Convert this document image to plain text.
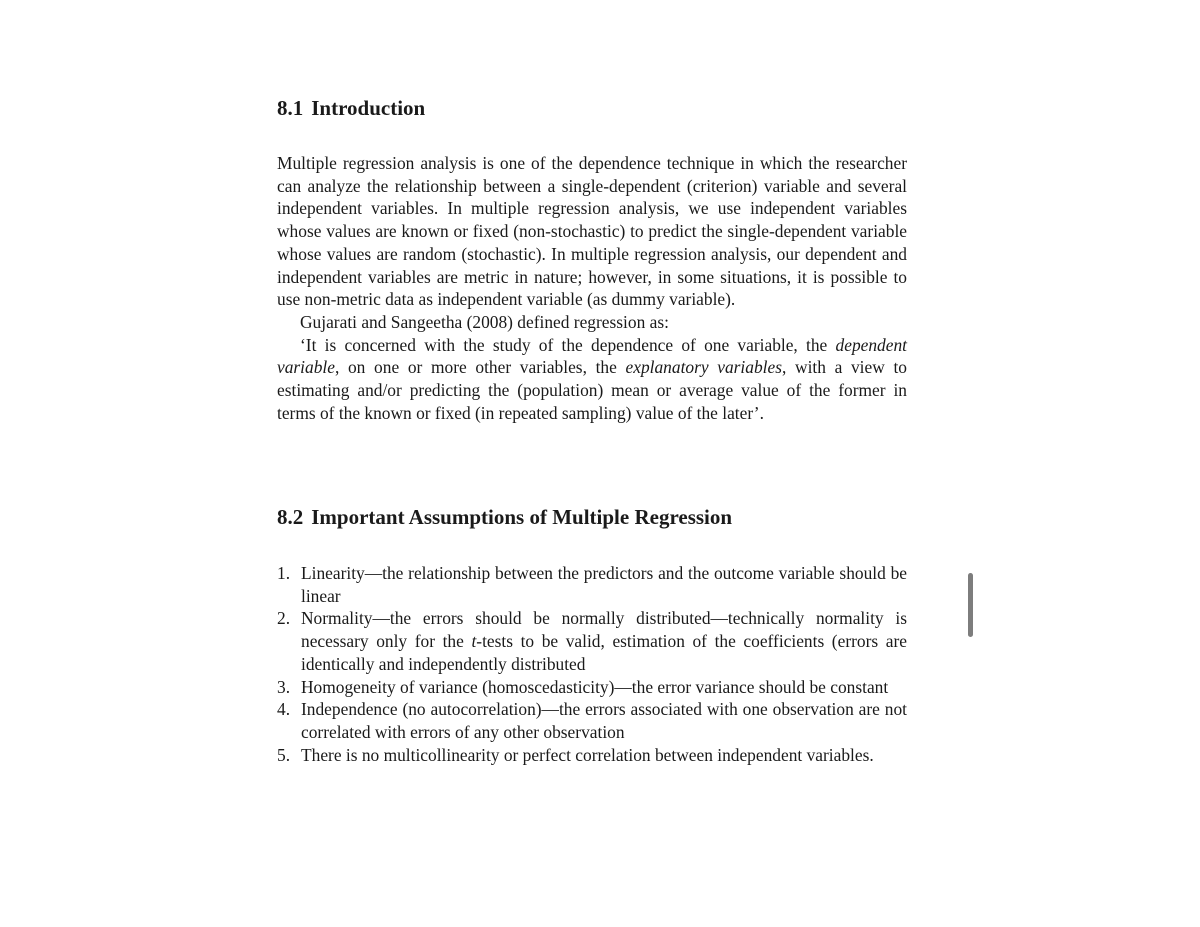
8.1 Introduction

Multiple regression analysis is one of the dependence technique in which the researcher can analyze the relationship between a single-dependent (criterion) variable and several independent variables. In multiple regression analysis, we use independent variables whose values are known or fixed (non-stochastic) to predict the single-dependent variable whose values are random (stochastic). In multiple regression analysis, our dependent and independent variables are metric in nature; however, in some situations, it is possible to use non-metric data as independent variable (as dummy variable).

Gujarati and Sangeetha (2008) defined regression as:

‘It is concerned with the study of the dependence of one variable, the dependent variable, on one or more other variables, the explanatory variables, with a view to estimating and/or predicting the (population) mean or average value of the former in terms of the known or fixed (in repeated sampling) value of the later’.

8.2 Important Assumptions of Multiple Regression
1. Linearity—the relationship between the predictors and the outcome variable should be linear
2. Normality—the errors should be normally distributed—technically normality is necessary only for the t-tests to be valid, estimation of the coefficients (errors are identically and independently distributed
3. Homogeneity of variance (homoscedasticity)—the error variance should be constant
4. Independence (no autocorrelation)—the errors associated with one observation are not correlated with errors of any other observation
5. There is no multicollinearity or perfect correlation between independent variables.
